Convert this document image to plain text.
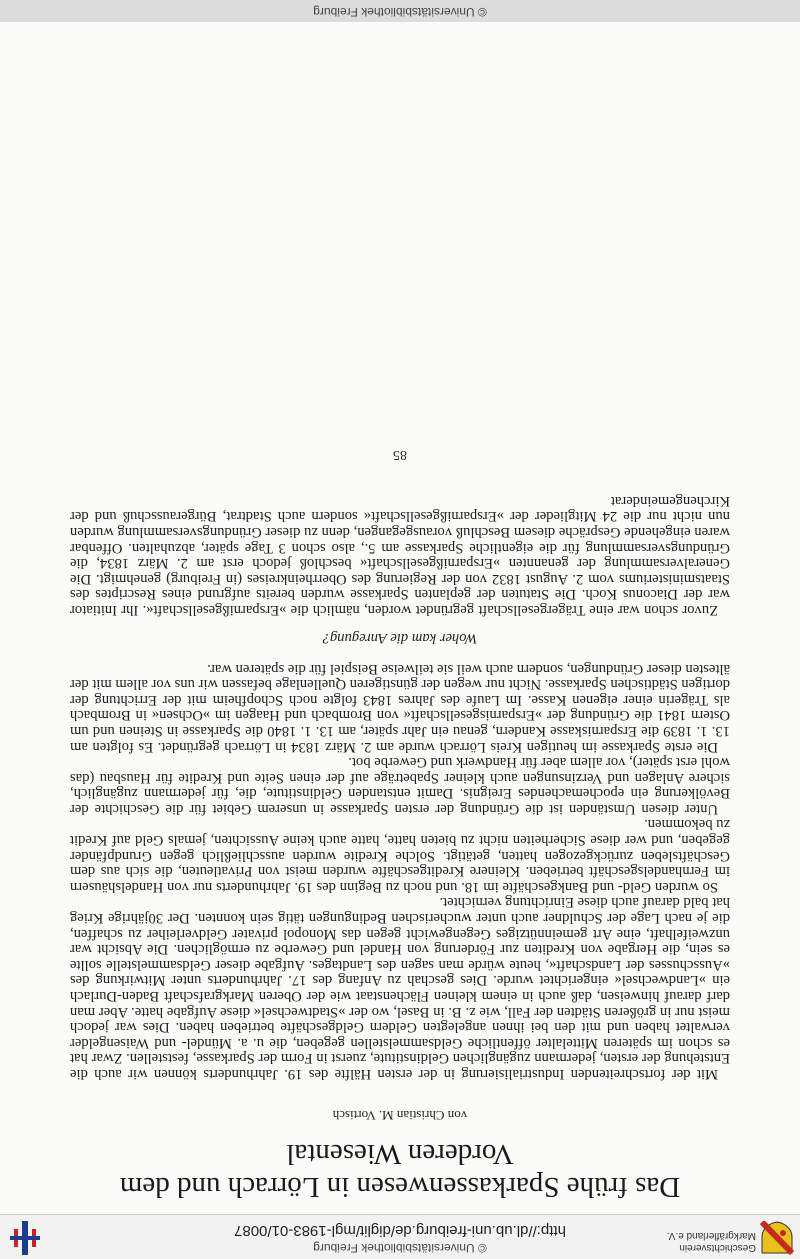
Geschichtsverein Markgräflerland e.V.
© Universitätsbibliothek Freiburg
http://dl.ub.uni-freiburg.de/diglit/mgl-1983-01/0087
Das frühe Sparkassenwesen in Lörrach und dem Vorderen Wiesental
von Christian M. Vortisch

Mit der fortschreitenden Industrialisierung in der ersten Hälfte des 19. Jahrhunderts können wir auch die Entstehung der ersten, jedermann zugänglichen Geldinstitute, zuerst in Form der Sparkasse, feststellen. Zwar hat es schon im späteren Mittelalter öffentliche Geldsammelstellen gegeben, die u. a. Mündel- und Waisengelder verwaltet haben und mit den bei ihnen angelegten Geldern Geldgeschäfte betrieben haben. Dies war jedoch meist nur in größeren Städten der Fall, wie z. B. in Basel, wo der »Stadtwechsel« diese Aufgabe hatte. Aber man darf darauf hinweisen, daß auch in einem kleinen Flächenstaat wie der Oberen Markgrafschaft Baden-Durlach ein »Landwechsel« eingerichtet wurde. Dies geschah zu Anfang des 17. Jahrhunderts unter Mitwirkung des »Ausschusses der Landschaft«, heute würde man sagen des Landtages. Aufgabe dieser Geldsammelstelle sollte es sein, die Hergabe von Krediten zur Förderung von Handel und Gewerbe zu ermöglichen. Die Absicht war unzweifelhaft, eine Art gemeinnütziges Gegengewicht gegen das Monopol privater Geldverleiher zu schaffen, die je nach Lage der Schuldner auch unter wucherischen Bedingungen tätig sein konnten. Der 30jährige Krieg hat bald darauf auch diese Einrichtung vernichtet.

So wurden Geld- und Bankgeschäfte im 18. und noch zu Beginn des 19. Jahrhunderts nur von Handelshäusern im Fernhandelsgeschäft betrieben. Kleinere Kreditgeschäfte wurden meist von Privatleuten, die sich aus dem Geschäftsleben zurückgezogen hatten, getätigt. Solche Kredite wurden ausschließlich gegen Grundpfänder gegeben, und wer diese Sicherheiten nicht zu bieten hatte, hatte auch keine Aussichten, jemals Geld auf Kredit zu bekommen.

Unter diesen Umständen ist die Gründung der ersten Sparkasse in unserem Gebiet für die Geschichte der Bevölkerung ein epochemachendes Ereignis. Damit entstanden Geldinstitute, die, für jedermann zugänglich, sichere Anlagen und Verzinsungen auch kleiner Spabeträge auf der einen Seite und Kredite für Hausbau (das wohl erst später), vor allem aber für Handwerk und Gewerbe bot.

Die erste Sparkasse im heutigen Kreis Lörrach wurde am 2. März 1834 in Lörrach gegründet. Es folgten am 13. 1. 1839 die Ersparniskasse Kandern, genau ein Jahr später, am 13. 1. 1840 die Sparkasse in Steinen und um Ostern 1841 die Gründung der »Ersparnisgesellschaft« von Brombach und Haagen im »Ochsen« in Brombach als Trägerin einer eigenen Kasse. Im Laufe des Jahres 1843 folgte noch Schopfheim mit der Errichtung der dortigen Städtischen Sparkasse. Nicht nur wegen der günstigeren Quellenlage befassen wir uns vor allem mit der ältesten dieser Gründungen, sondern auch weil sie teilweise Beispiel für die späteren war.

Woher kam die Anregung?

Zuvor schon war eine Trägergesellschaft gegründet worden, nämlich die »Ersparnißgesellschaft«. Ihr Initiator war der Diaconus Koch. Die Statuten der geplanten Sparkasse wurden bereits aufgrund eines Rescriptes des Staatsministeriums vom 2. August 1832 von der Regierung des Oberrheinkreises (in Freiburg) genehmigt. Die Generalversammlung der genannten »Ersparnißgesellschaft« beschloß jedoch erst am 2. März 1834, die Gründungsversammlung für die eigentliche Sparkasse am 5., also schon 3 Tage später, abzuhalten. Offenbar waren eingehende Gespräche diesem Beschluß vorausgegangen, denn zu dieser Gründungsversammlung wurden nun nicht nur die 24 Mitglieder der »Ersparnißgesellschaft« sondern auch Stadtrat, Bürgerausschuß und der Kirchengemeinderat

85
© Universitätsbibliothek Freiburg
